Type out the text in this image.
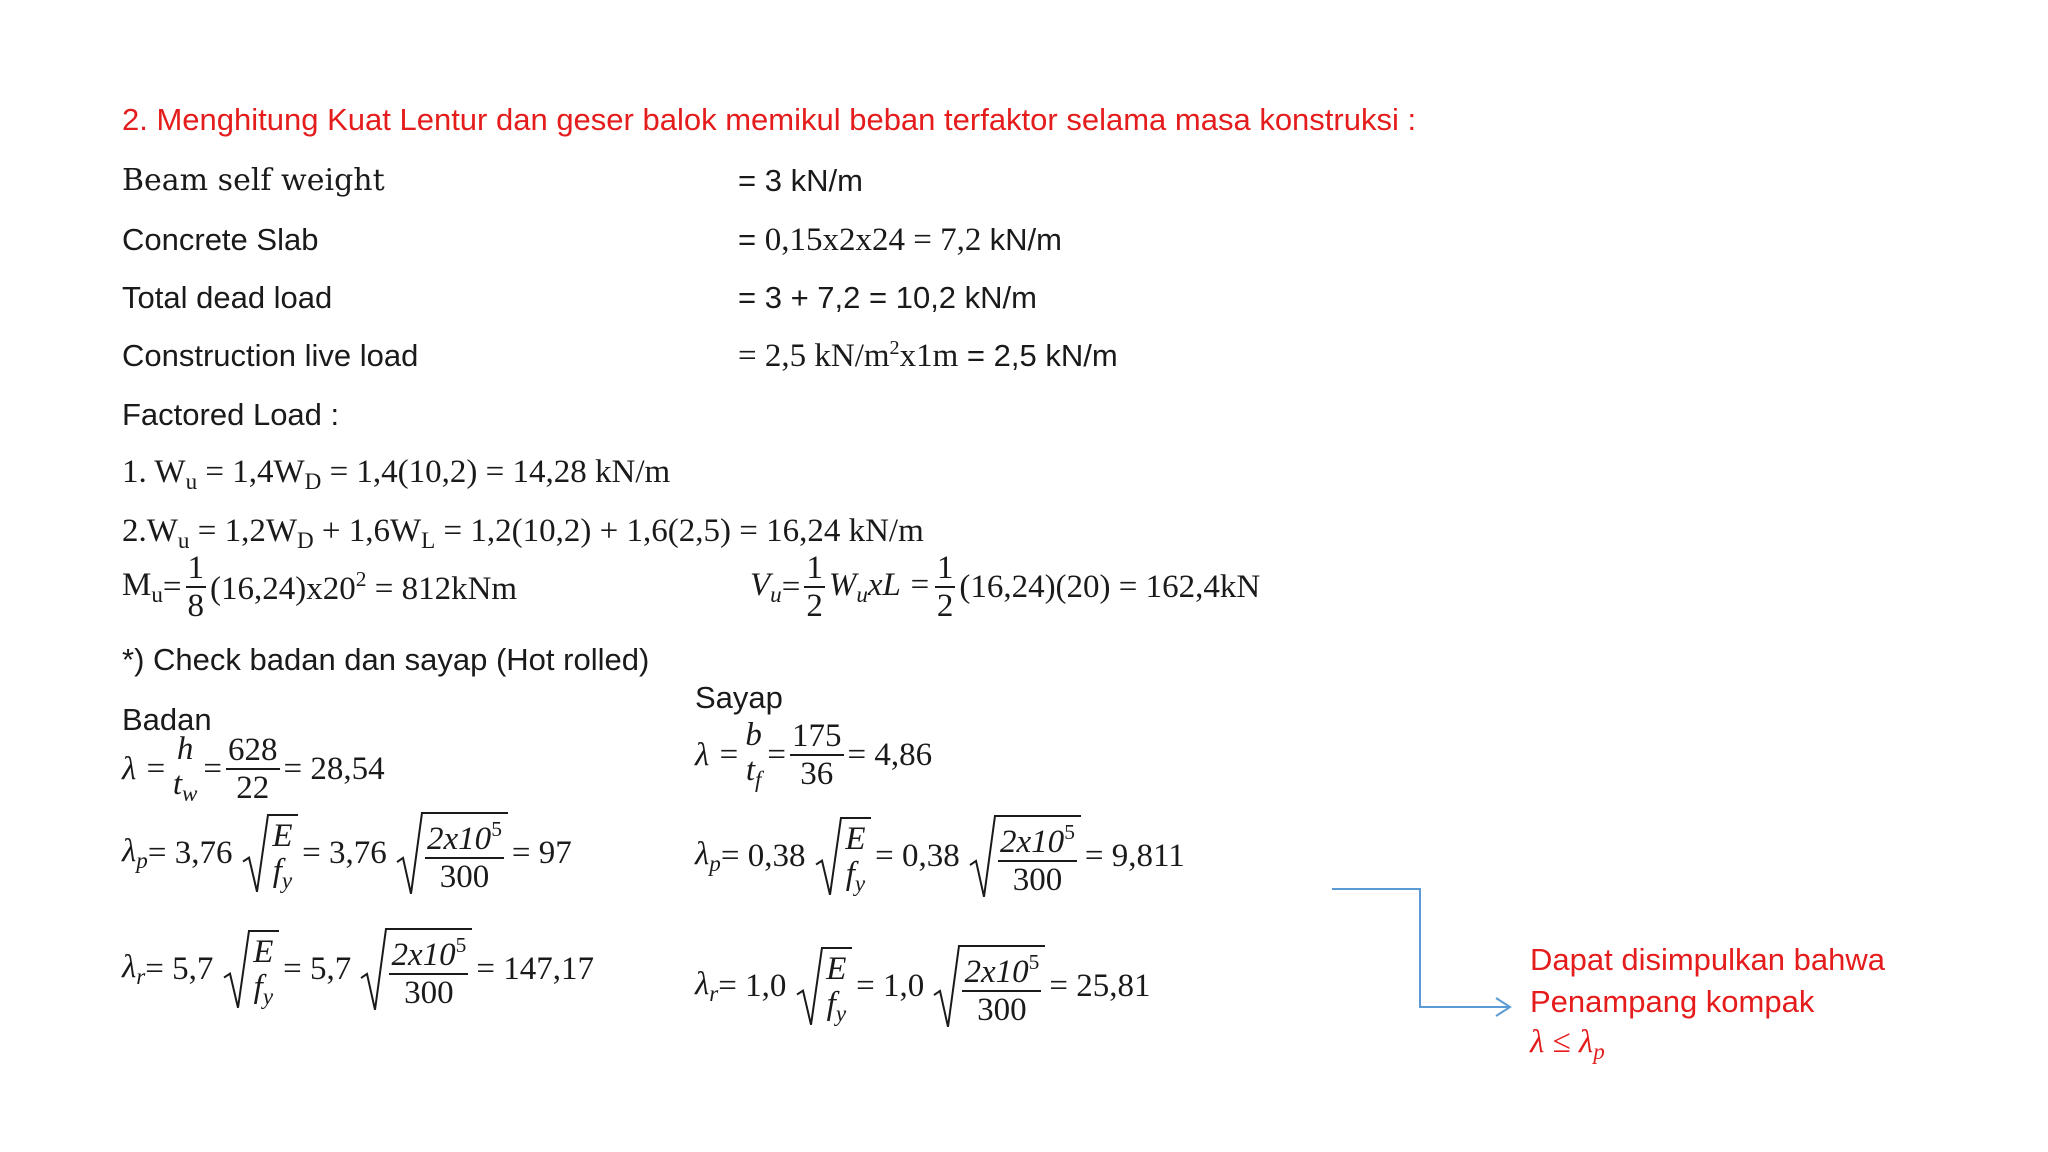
2. Menghitung Kuat Lentur dan geser balok memikul beban terfaktor selama masa konstruksi :
Beam self weight	= 3 kN/m
Concrete Slab	= 0,15x2x24 = 7,2 kN/m
Total dead load	= 3 + 7,2 = 10,2 kN/m
Construction live load	= 2,5 $kN/m^2x1m = 2,5$ kN/m
Factored Load :
1. $W_u = 1,4W_D = 1,4(10,2) = 14,28$ kN/m
$2.W_u = 1,2W_D + 1,6W_L = 1,2(10,2) + 1,6(2,5) = 16,24$ kN/m
$M_u= \frac{1}{8} (16,24)x20^2 = 812kNm$	$V_u= \frac{1}{2} W_uxL = \frac{1}{2} (16,24)(20) = 162,4kN$
*) Check badan dan sayap (Hot rolled)
Badan
λ =
h
$t_w$
= $\frac{628}{22} = 28,54$
$\lambda_p= 3,76$ E
$f_y$
= $3,76 \frac{2x10^5}{300} = 97$
$\lambda_r= 5,7$ E
$f_y$
= $5,7 \frac{2x10^5}{300} = 147,17$
Sayap
λ =
b
$t_f$
= $\frac{175}{36} = 4,86$
$\lambda_p= 0,38$ E
$f_y$
= $0,38 \frac{2x10^5}{300} = 9,811$
$\lambda_r= 1,0$ E
$f_y$
= $1,0 \frac{2x10^5}{300} = 25,81$
Dapat disimpulkan bahwa
Penampang kompak
$\lambda \le \lambda_p$
